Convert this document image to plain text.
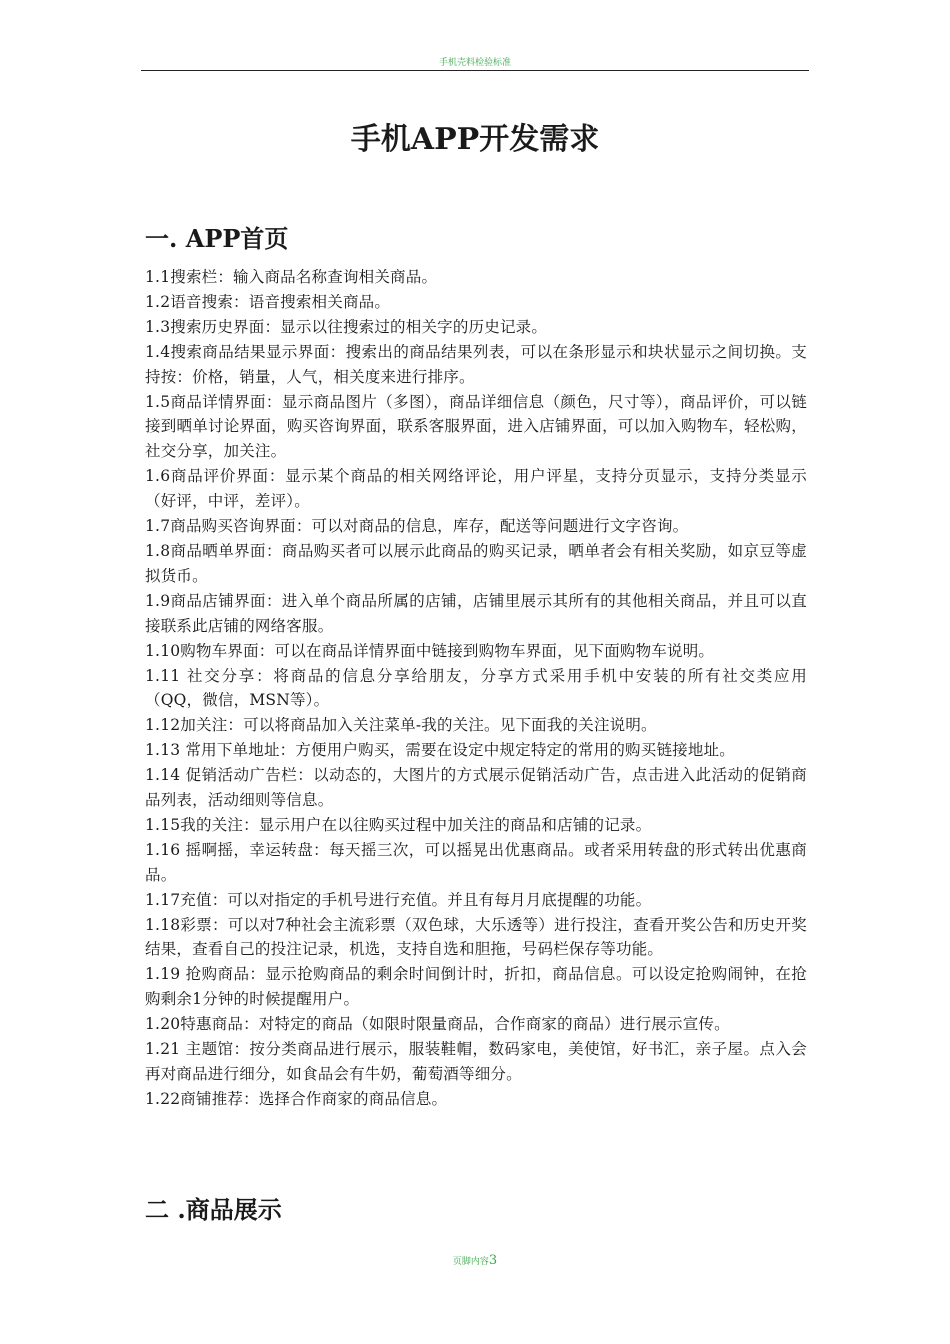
手机壳料检验标准
手机APP开发需求
一. APP首页
1.1搜索栏：输入商品名称查询相关商品。
1.2语音搜索：语音搜索相关商品。
1.3搜索历史界面：显示以往搜索过的相关字的历史记录。
1.4搜索商品结果显示界面：搜索出的商品结果列表，可以在条形显示和块状显示之间切换。支持按：价格，销量，人气，相关度来进行排序。
1.5商品详情界面：显示商品图片（多图），商品详细信息（颜色，尺寸等），商品评价，可以链接到晒单讨论界面，购买咨询界面，联系客服界面，进入店铺界面，可以加入购物车，轻松购，社交分享，加关注。
1.6商品评价界面：显示某个商品的相关网络评论，用户评星，支持分页显示，支持分类显示（好评，中评，差评）。
1.7商品购买咨询界面：可以对商品的信息，库存，配送等问题进行文字咨询。
1.8商品晒单界面：商品购买者可以展示此商品的购买记录，晒单者会有相关奖励，如京豆等虚拟货币。
1.9商品店铺界面：进入单个商品所属的店铺，店铺里展示其所有的其他相关商品，并且可以直接联系此店铺的网络客服。
1.10购物车界面：可以在商品详情界面中链接到购物车界面，见下面购物车说明。
1.11 社交分享：将商品的信息分享给朋友，分享方式采用手机中安装的所有社交类应用（QQ，微信，MSN等）。
1.12加关注：可以将商品加入关注菜单-我的关注。见下面我的关注说明。
1.13 常用下单地址：方便用户购买，需要在设定中规定特定的常用的购买链接地址。
1.14 促销活动广告栏：以动态的，大图片的方式展示促销活动广告，点击进入此活动的促销商品列表，活动细则等信息。
1.15我的关注：显示用户在以往购买过程中加关注的商品和店铺的记录。
1.16 摇啊摇，幸运转盘：每天摇三次，可以摇晃出优惠商品。或者采用转盘的形式转出优惠商品。
1.17充值：可以对指定的手机号进行充值。并且有每月月底提醒的功能。
1.18彩票：可以对7种社会主流彩票（双色球，大乐透等）进行投注，查看开奖公告和历史开奖结果，查看自己的投注记录，机选，支持自选和胆拖，号码栏保存等功能。
1.19 抢购商品：显示抢购商品的剩余时间倒计时，折扣，商品信息。可以设定抢购闹钟，在抢购剩余1分钟的时候提醒用户。
1.20特惠商品：对特定的商品（如限时限量商品，合作商家的商品）进行展示宣传。
1.21 主题馆：按分类商品进行展示，服装鞋帽，数码家电，美使馆，好书汇，亲子屋。点入会再对商品进行细分，如食品会有牛奶，葡萄酒等细分。
1.22商铺推荐：选择合作商家的商品信息。
二 .商品展示
页脚内容3
